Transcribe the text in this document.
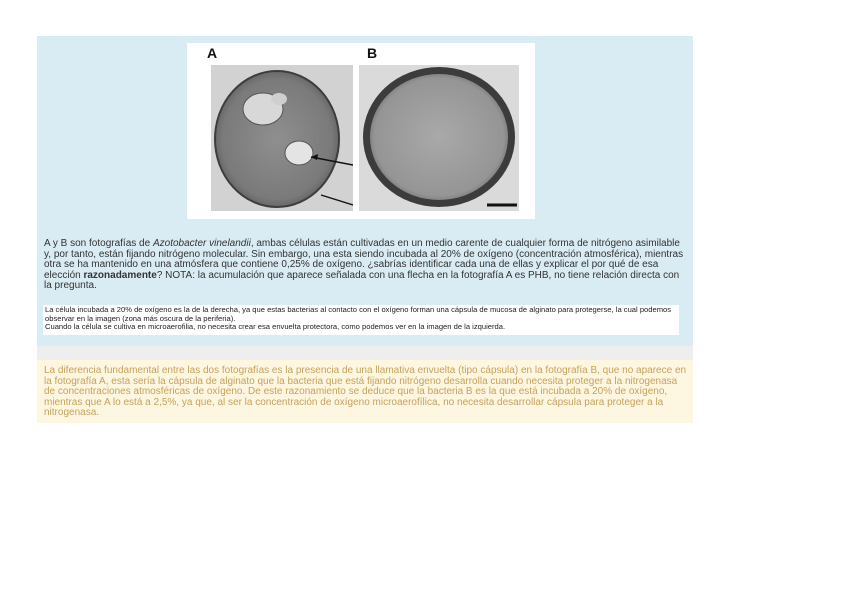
A	B
A y B son fotografías de Azotobacter vinelandii, ambas células están cultivadas en un medio carente de cualquier forma de nitrógeno asimilable y, por tanto, están fijando nitrógeno molecular. Sin embargo, una esta siendo incubada al 20% de oxígeno (concentración atmosférica), mientras otra se ha mantenido en una atmósfera que contiene 0,25% de oxígeno. ¿sabrías identificar cada una de ellas y explicar el por qué de esa elección razonadamente? NOTA: la acumulación que aparece señalada con una flecha en la fotografía A es PHB, no tiene relación directa con la pregunta.
La célula incubada a 20% de oxígeno es la de la derecha, ya que estas bacterias al contacto con el oxígeno forman una cápsula de mucosa de alginato para protegerse, la cual podemos observar en la imagen (zona más oscura de la periferia).
Cuando la célula se cultiva en microaerofilia, no necesita crear esa envuelta protectora, como podemos ver en la imagen de la izquierda.
La diferencia fundamental entre las dos fotografías es la presencia de una llamativa envuelta (tipo cápsula) en la fotografía B, que no aparece en la fotografía A, esta sería la cápsula de alginato que la bacteria que está fijando nitrógeno desarrolla cuando necesita proteger a la nitrogenasa de concentraciones atmosféricas de oxígeno. De este razonamiento se deduce que la bacteria B es la que está incubada a 20% de oxígeno, mientras que A lo está a 2,5%, ya que, al ser la concentración de oxígeno microaerofílica, no necesita desarrollar cápsula para proteger a la nitrogenasa.
